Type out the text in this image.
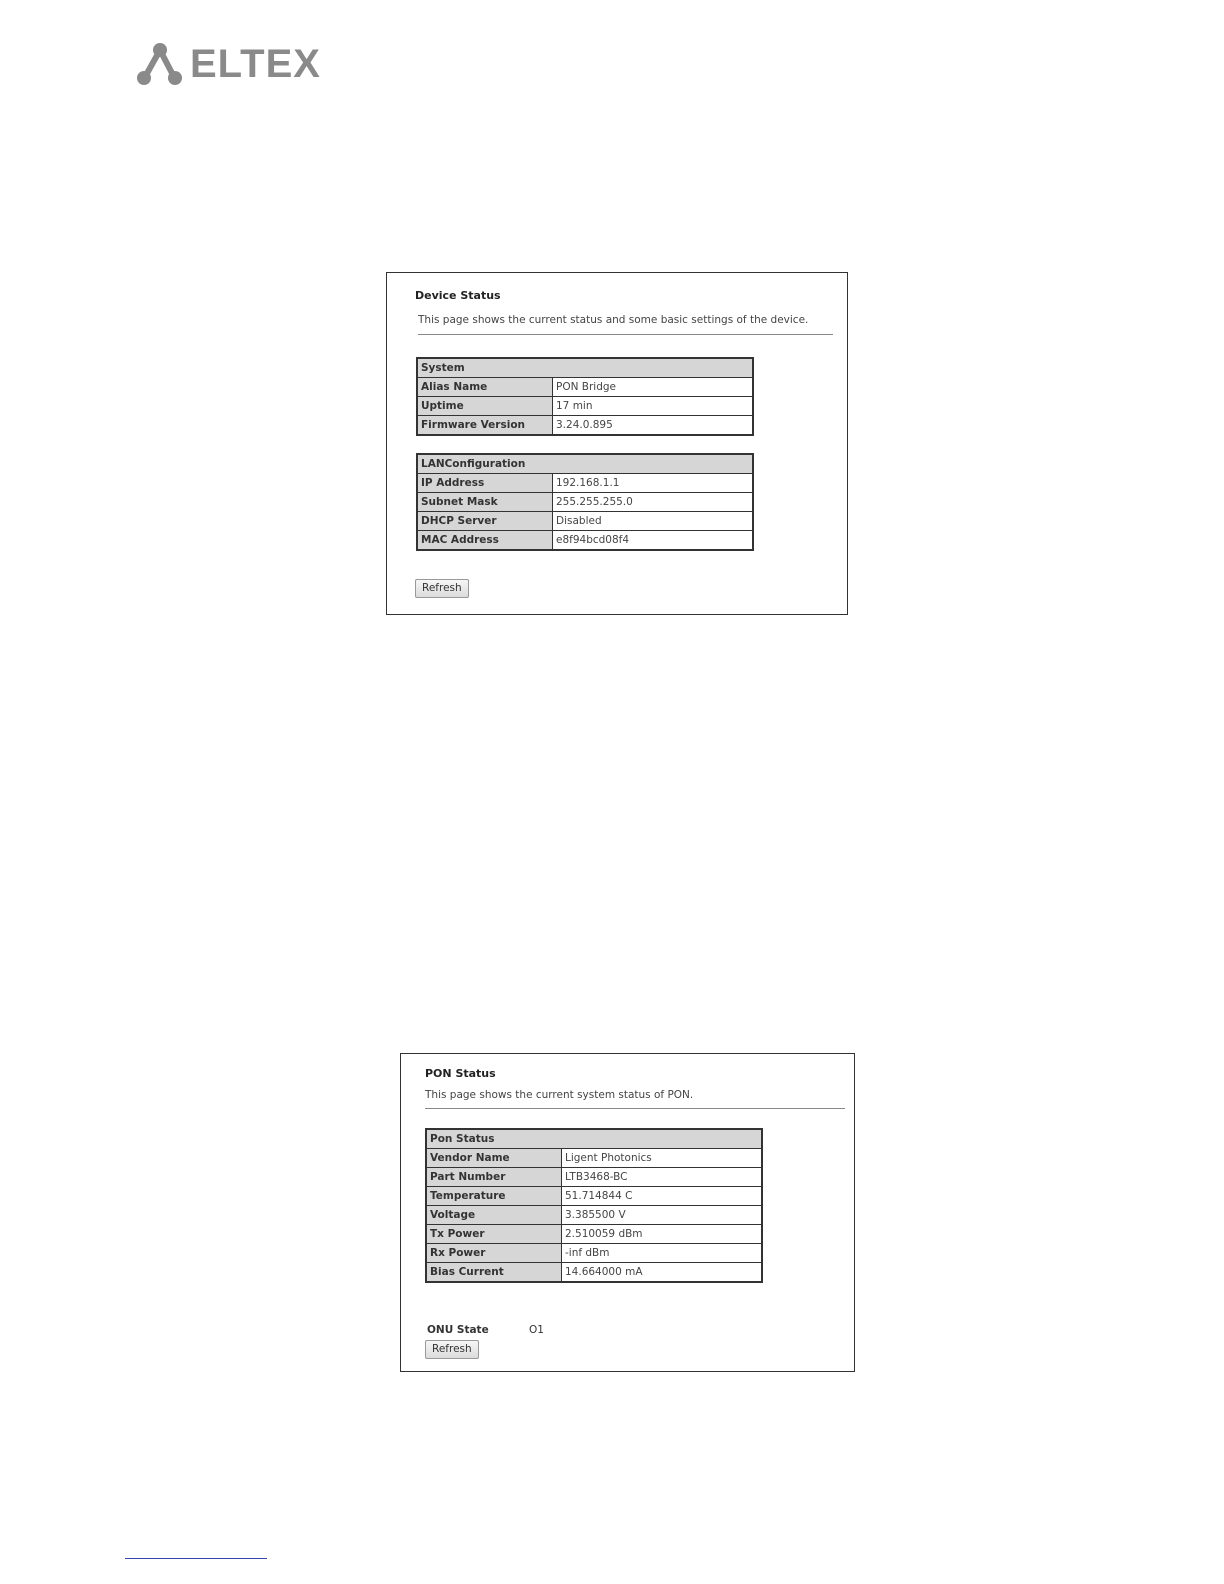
ELTEX
Device Status
This page shows the current status and some basic settings of the device.
System	
Alias Name	PON Bridge
Uptime	17 min
Firmware Version	3.24.0.895
LANConfiguration	
IP Address	192.168.1.1
Subnet Mask	255.255.255.0
DHCP Server	Disabled
MAC Address	e8f94bcd08f4
Refresh
PON Status
This page shows the current system status of PON.
Pon Status	
Vendor Name	Ligent Photonics
Part Number	LTB3468-BC
Temperature	51.714844 C
Voltage	3.385500 V
Tx Power	2.510059 dBm
Rx Power	-inf dBm
Bias Current	14.664000 mA
ONU State	O1
Refresh
